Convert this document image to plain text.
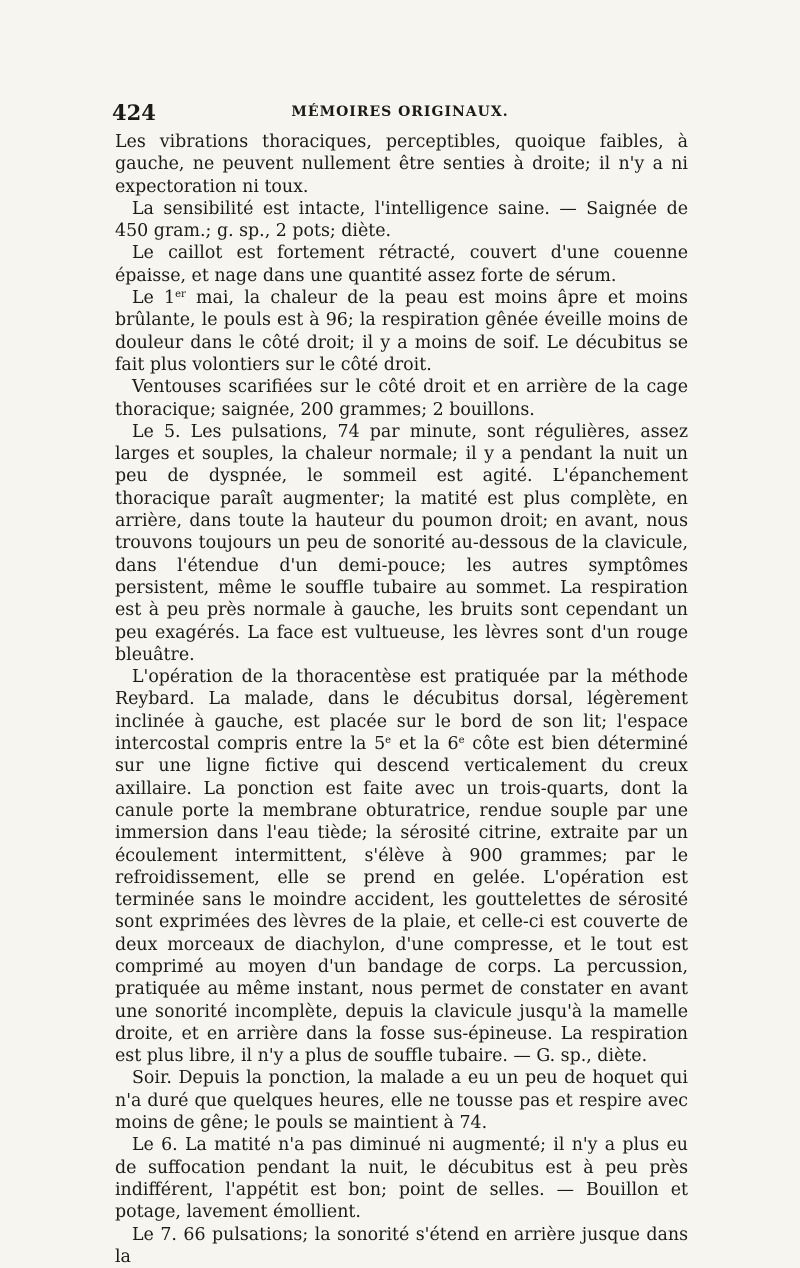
424	MÉMOIRES ORIGINAUX.

Les vibrations thoraciques, perceptibles, quoique faibles, à gauche, ne peuvent nullement être senties à droite; il n'y a ni expectoration ni toux.

La sensibilité est intacte, l'intelligence saine. — Saignée de 450 gram.; g. sp., 2 pots; diète.

Le caillot est fortement rétracté, couvert d'une couenne épaisse, et nage dans une quantité assez forte de sérum.

Le 1er mai, la chaleur de la peau est moins âpre et moins brûlante, le pouls est à 96; la respiration gênée éveille moins de douleur dans le côté droit; il y a moins de soif. Le décubitus se fait plus volontiers sur le côté droit.

Ventouses scarifiées sur le côté droit et en arrière de la cage thoracique; saignée, 200 grammes; 2 bouillons.

Le 5. Les pulsations, 74 par minute, sont régulières, assez larges et souples, la chaleur normale; il y a pendant la nuit un peu de dyspnée, le sommeil est agité. L'épanchement thoracique paraît augmenter; la matité est plus complète, en arrière, dans toute la hauteur du poumon droit; en avant, nous trouvons toujours un peu de sonorité au-dessous de la clavicule, dans l'étendue d'un demi-pouce; les autres symptômes persistent, même le souffle tubaire au sommet. La respiration est à peu près normale à gauche, les bruits sont cependant un peu exagérés. La face est vultueuse, les lèvres sont d'un rouge bleuâtre.

L'opération de la thoracentèse est pratiquée par la méthode Reybard. La malade, dans le décubitus dorsal, légèrement inclinée à gauche, est placée sur le bord de son lit; l'espace intercostal compris entre la 5e et la 6e côte est bien déterminé sur une ligne fictive qui descend verticalement du creux axillaire. La ponction est faite avec un trois-quarts, dont la canule porte la membrane obturatrice, rendue souple par une immersion dans l'eau tiède; la sérosité citrine, extraite par un écoulement intermittent, s'élève à 900 grammes; par le refroidissement, elle se prend en gelée. L'opération est terminée sans le moindre accident, les gouttelettes de sérosité sont exprimées des lèvres de la plaie, et celle-ci est couverte de deux morceaux de diachylon, d'une compresse, et le tout est comprimé au moyen d'un bandage de corps. La percussion, pratiquée au même instant, nous permet de constater en avant une sonorité incomplète, depuis la clavicule jusqu'à la mamelle droite, et en arrière dans la fosse sus-épineuse. La respiration est plus libre, il n'y a plus de souffle tubaire. — G. sp., diète.

Soir. Depuis la ponction, la malade a eu un peu de hoquet qui n'a duré que quelques heures, elle ne tousse pas et respire avec moins de gêne; le pouls se maintient à 74.

Le 6. La matité n'a pas diminué ni augmenté; il n'y a plus eu de suffocation pendant la nuit, le décubitus est à peu près indifférent, l'appétit est bon; point de selles. — Bouillon et potage, lavement émollient.

Le 7. 66 pulsations; la sonorité s'étend en arrière jusque dans la
